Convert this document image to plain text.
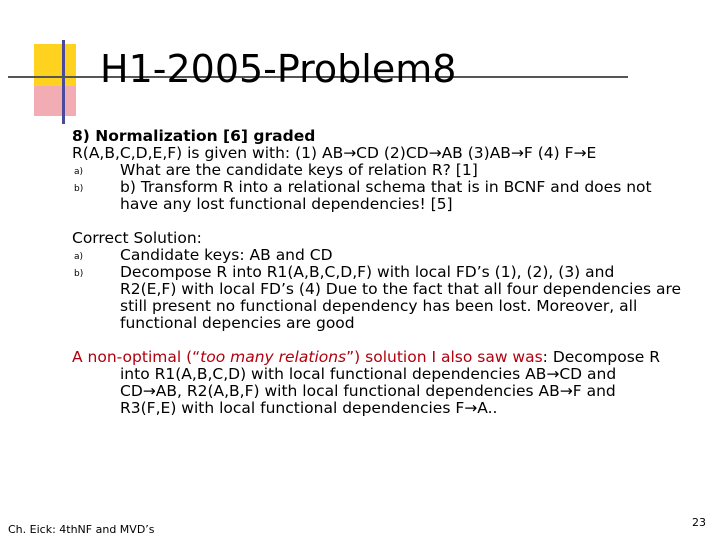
H1-2005-Problem8
8) Normalization [6] graded
R(A,B,C,D,E,F) is given with: (1) AB→CD (2)CD→AB (3)AB→F (4) F→E
a) What are the candidate keys of relation R? [1]
b) b) Transform R into a relational schema that is in BCNF and does not
have any lost functional dependencies! [5]
Correct Solution:
a) Candidate keys: AB and CD
b) Decompose R into R1(A,B,C,D,F) with local FD’s (1), (2), (3) and
R2(E,F) with local FD’s (4) Due to the fact that all four dependencies are
still present no functional dependency has been lost. Moreover, all
functional depencies are good
A non-optimal (“too many relations”) solution I also saw was: Decompose R
into R1(A,B,C,D) with local functional dependencies AB→CD and
CD→AB, R2(A,B,F) with local functional dependencies AB→F and
R3(F,E) with local functional dependencies F→A..
Ch. Eick: 4thNF and MVD’s
23
